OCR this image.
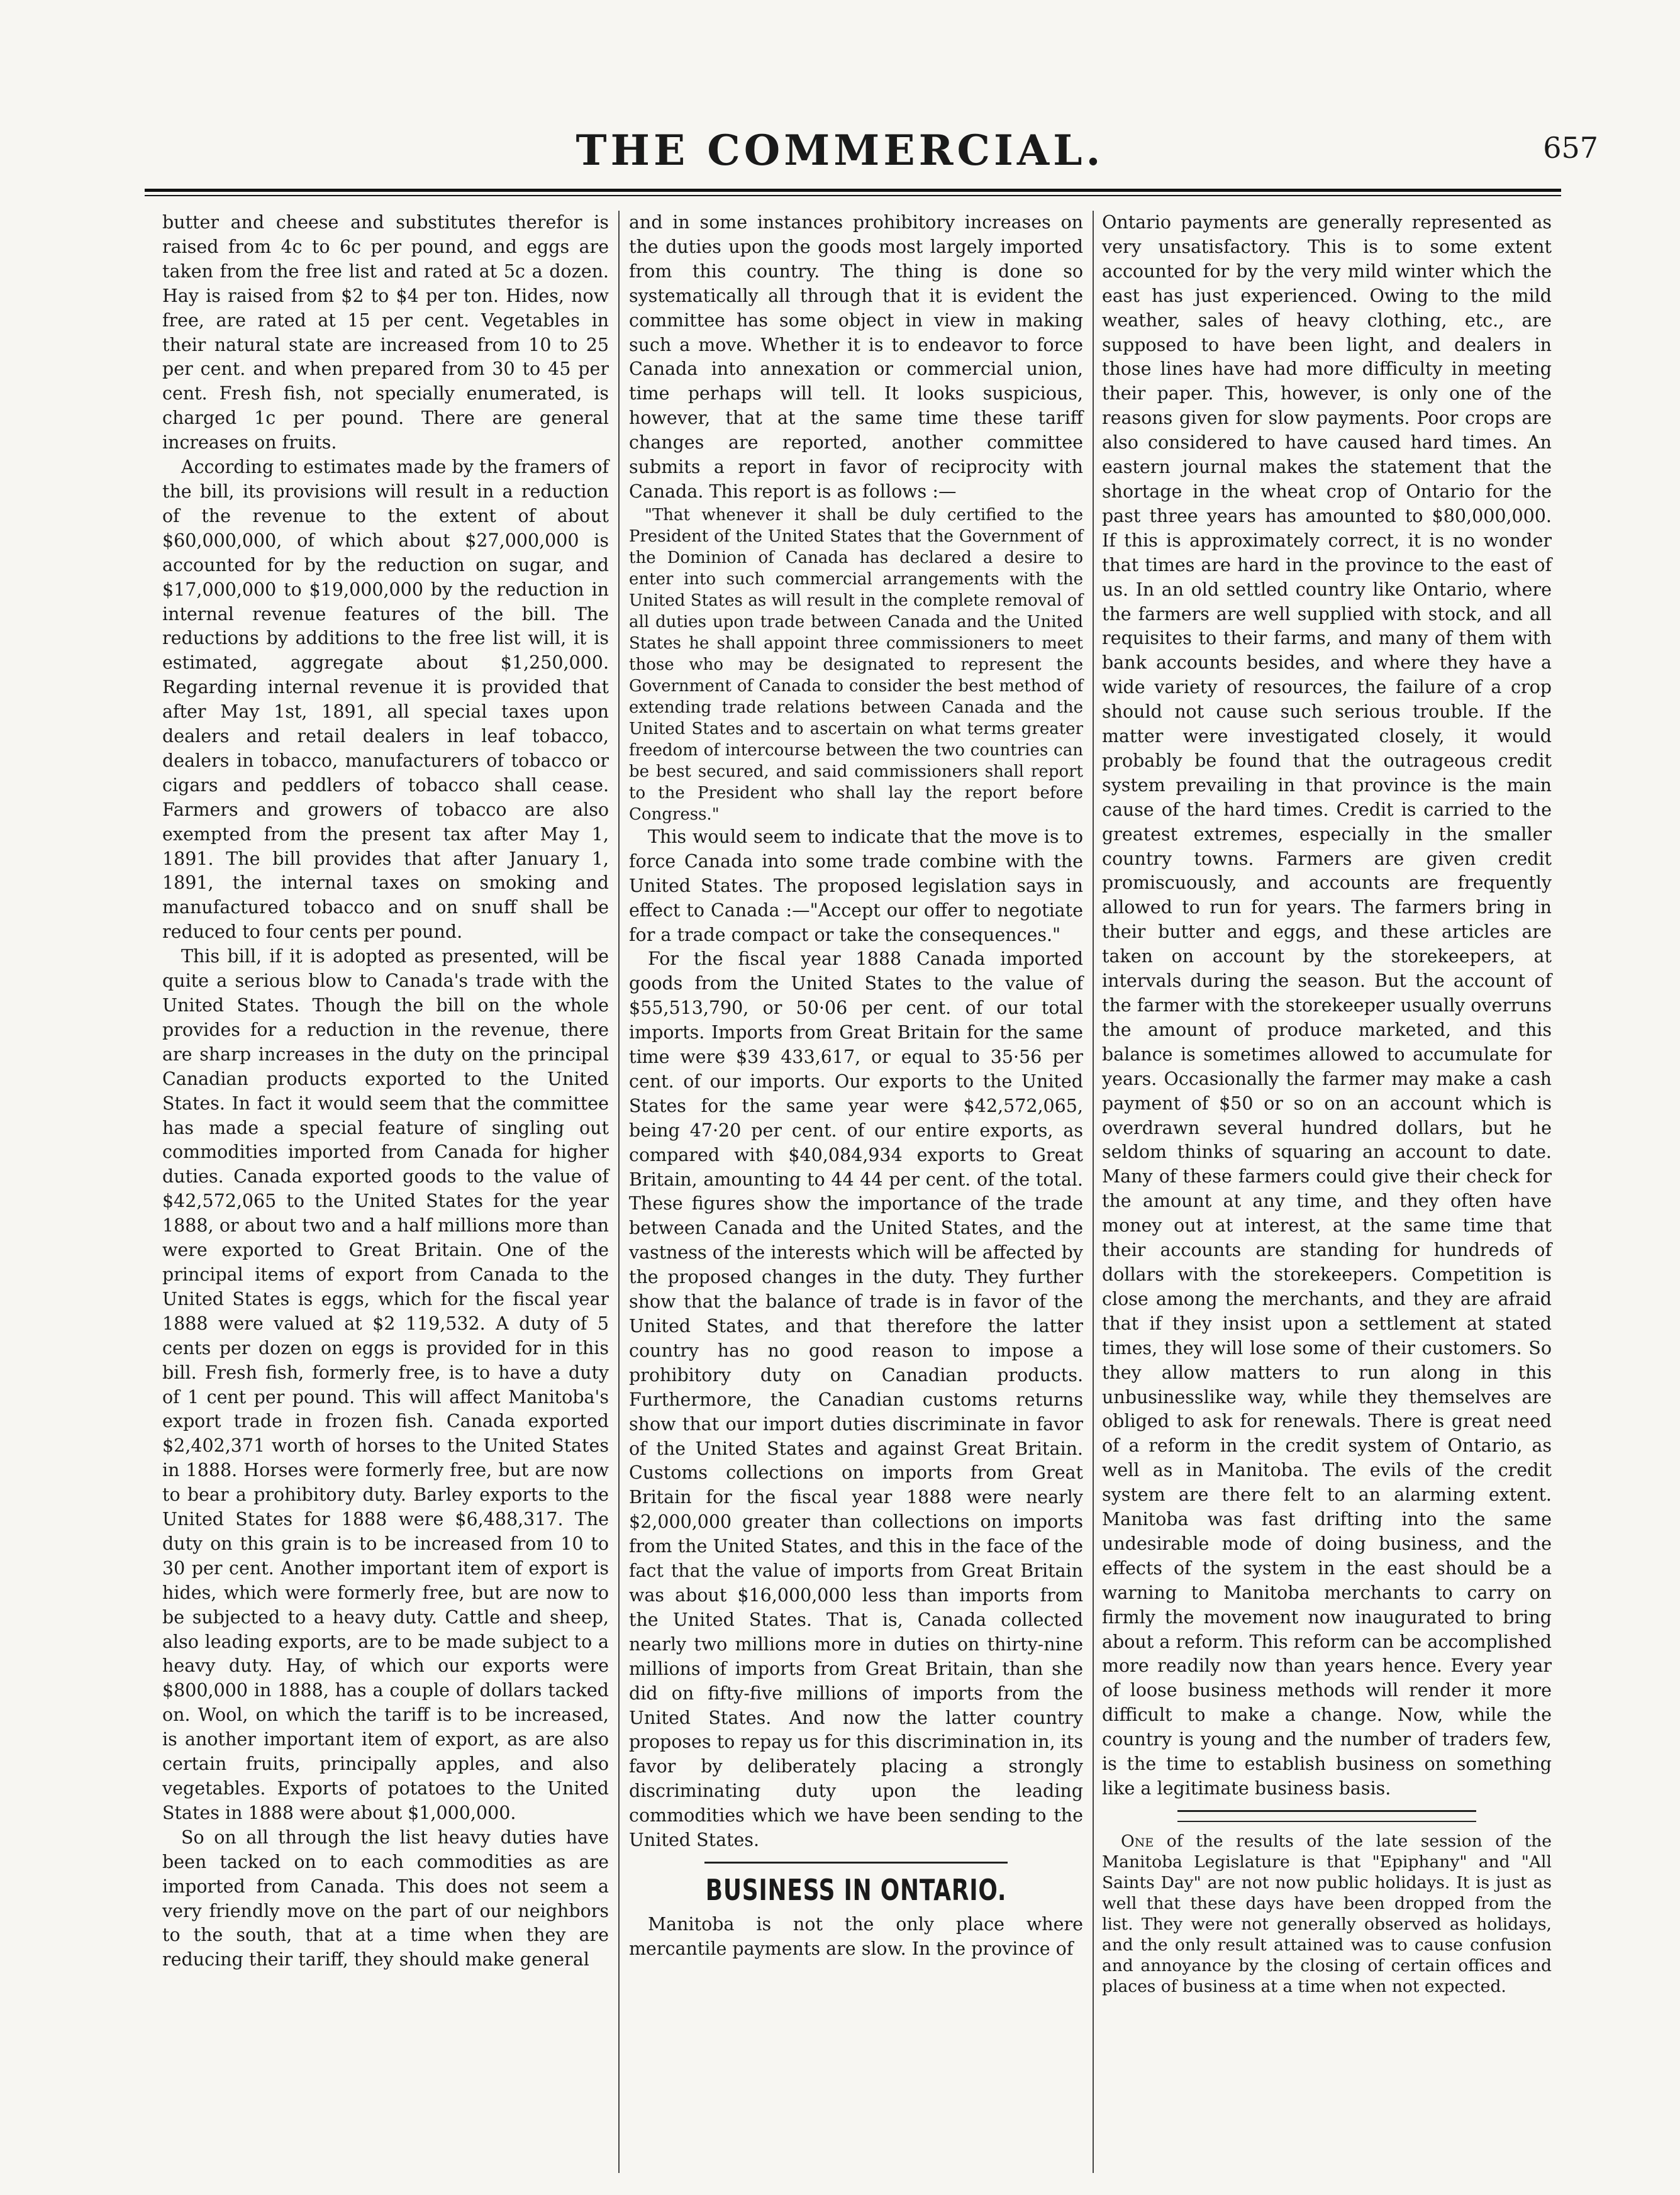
THE COMMERCIAL.	657

butter and cheese and substitutes therefor is raised from 4c to 6c per pound, and eggs are taken from the free list and rated at 5c a dozen. Hay is raised from $2 to $4 per ton. Hides, now free, are rated at 15 per cent. Vegetables in their natural state are increased from 10 to 25 per cent. and when prepared from 30 to 45 per cent. Fresh fish, not specially enumerated, is charged 1c per pound. There are general increases on fruits.

According to estimates made by the framers of the bill, its provisions will result in a reduction of the revenue to the extent of about $60,000,000, of which about $27,000,000 is accounted for by the reduction on sugar, and $17,000,000 to $19,000,000 by the reduction in internal revenue features of the bill. The reductions by additions to the free list will, it is estimated, aggregate about $1,250,000. Regarding internal revenue it is provided that after May 1st, 1891, all special taxes upon dealers and retail dealers in leaf tobacco, dealers in tobacco, manufacturers of tobacco or cigars and peddlers of tobacco shall cease. Farmers and growers of tobacco are also exempted from the present tax after May 1, 1891. The bill provides that after January 1, 1891, the internal taxes on smoking and manufactured tobacco and on snuff shall be reduced to four cents per pound.

This bill, if it is adopted as presented, will be quite a serious blow to Canada's trade with the United States. Though the bill on the whole provides for a reduction in the revenue, there are sharp increases in the duty on the principal Canadian products exported to the United States. In fact it would seem that the committee has made a special feature of singling out commodities imported from Canada for higher duties. Canada exported goods to the value of $42,572,065 to the United States for the year 1888, or about two and a half millions more than were exported to Great Britain. One of the principal items of export from Canada to the United States is eggs, which for the fiscal year 1888 were valued at $2 119,532. A duty of 5 cents per dozen on eggs is provided for in this bill. Fresh fish, formerly free, is to have a duty of 1 cent per pound. This will affect Manitoba's export trade in frozen fish. Canada exported $2,402,371 worth of horses to the United States in 1888. Horses were formerly free, but are now to bear a prohibitory duty. Barley exports to the United States for 1888 were $6,488,317. The duty on this grain is to be increased from 10 to 30 per cent. Another important item of export is hides, which were formerly free, but are now to be subjected to a heavy duty. Cattle and sheep, also leading exports, are to be made subject to a heavy duty. Hay, of which our exports were $800,000 in 1888, has a couple of dollars tacked on. Wool, on which the tariff is to be increased, is another important item of export, as are also certain fruits, principally apples, and also vegetables. Exports of potatoes to the United States in 1888 were about $1,000,000.

So on all through the list heavy duties have been tacked on to each commodities as are imported from Canada. This does not seem a very friendly move on the part of our neighbors to the south, that at a time when they are reducing their tariff, they should make general

and in some instances prohibitory increases on the duties upon the goods most largely imported from this country. The thing is done so systematically all through that it is evident the committee has some object in view in making such a move. Whether it is to endeavor to force Canada into annexation or commercial union, time perhaps will tell. It looks suspicious, however, that at the same time these tariff changes are reported, another committee submits a report in favor of reciprocity with Canada. This report is as follows :—

"That whenever it shall be duly certified to the President of the United States that the Government of the Dominion of Canada has declared a desire to enter into such commercial arrangements with the United States as will result in the complete removal of all duties upon trade between Canada and the United States he shall appoint three commissioners to meet those who may be designated to represent the Government of Canada to consider the best method of extending trade relations between Canada and the United States and to ascertain on what terms greater freedom of intercourse between the two countries can be best secured, and said commissioners shall report to the President who shall lay the report before Congress."

This would seem to indicate that the move is to force Canada into some trade combine with the United States. The proposed legislation says in effect to Canada :—"Accept our offer to negotiate for a trade compact or take the consequences."

For the fiscal year 1888 Canada imported goods from the United States to the value of $55,513,790, or 50·06 per cent. of our total imports. Imports from Great Britain for the same time were $39 433,617, or equal to 35·56 per cent. of our imports. Our exports to the United States for the same year were $42,572,065, being 47·20 per cent. of our entire exports, as compared with $40,084,934 exports to Great Britain, amounting to 44 44 per cent. of the total. These figures show the importance of the trade between Canada and the United States, and the vastness of the interests which will be affected by the proposed changes in the duty. They further show that the balance of trade is in favor of the United States, and that therefore the latter country has no good reason to impose a prohibitory duty on Canadian products. Furthermore, the Canadian customs returns show that our import duties discriminate in favor of the United States and against Great Britain. Customs collections on imports from Great Britain for the fiscal year 1888 were nearly $2,000,000 greater than collections on imports from the United States, and this in the face of the fact that the value of imports from Great Britain was about $16,000,000 less than imports from the United States. That is, Canada collected nearly two millions more in duties on thirty-nine millions of imports from Great Britain, than she did on fifty-five millions of imports from the United States. And now the latter country proposes to repay us for this discrimination in, its favor by deliberately placing a strongly discriminating duty upon the leading commodities which we have been sending to the United States.

BUSINESS IN ONTARIO.

Manitoba is not the only place where mercantile payments are slow. In the province of

Ontario payments are generally represented as very unsatisfactory. This is to some extent accounted for by the very mild winter which the east has just experienced. Owing to the mild weather, sales of heavy clothing, etc., are supposed to have been light, and dealers in those lines have had more difficulty in meeting their paper. This, however, is only one of the reasons given for slow payments. Poor crops are also considered to have caused hard times. An eastern journal makes the statement that the shortage in the wheat crop of Ontario for the past three years has amounted to $80,000,000. If this is approximately correct, it is no wonder that times are hard in the province to the east of us. In an old settled country like Ontario, where the farmers are well supplied with stock, and all requisites to their farms, and many of them with bank accounts besides, and where they have a wide variety of resources, the failure of a crop should not cause such serious trouble. If the matter were investigated closely, it would probably be found that the outrageous credit system prevailing in that province is the main cause of the hard times. Credit is carried to the greatest extremes, especially in the smaller country towns. Farmers are given credit promiscuously, and accounts are frequently allowed to run for years. The farmers bring in their butter and eggs, and these articles are taken on account by the storekeepers, at intervals during the season. But the account of the farmer with the storekeeper usually overruns the amount of produce marketed, and this balance is sometimes allowed to accumulate for years. Occasionally the farmer may make a cash payment of $50 or so on an account which is overdrawn several hundred dollars, but he seldom thinks of squaring an account to date. Many of these farmers could give their check for the amount at any time, and they often have money out at interest, at the same time that their accounts are standing for hundreds of dollars with the storekeepers. Competition is close among the merchants, and they are afraid that if they insist upon a settlement at stated times, they will lose some of their customers. So they allow matters to run along in this unbusinesslike way, while they themselves are obliged to ask for renewals. There is great need of a reform in the credit system of Ontario, as well as in Manitoba. The evils of the credit system are there felt to an alarming extent. Manitoba was fast drifting into the same undesirable mode of doing business, and the effects of the system in the east should be a warning to Manitoba merchants to carry on firmly the movement now inaugurated to bring about a reform. This reform can be accomplished more readily now than years hence. Every year of loose business methods will render it more difficult to make a change. Now, while the country is young and the number of traders few, is the time to establish business on something like a legitimate business basis.

One of the results of the late session of the Manitoba Legislature is that "Epiphany" and "All Saints Day" are not now public holidays. It is just as well that these days have been dropped from the list. They were not generally observed as holidays, and the only result attained was to cause confusion and annoyance by the closing of certain offices and places of business at a time when not expected.
